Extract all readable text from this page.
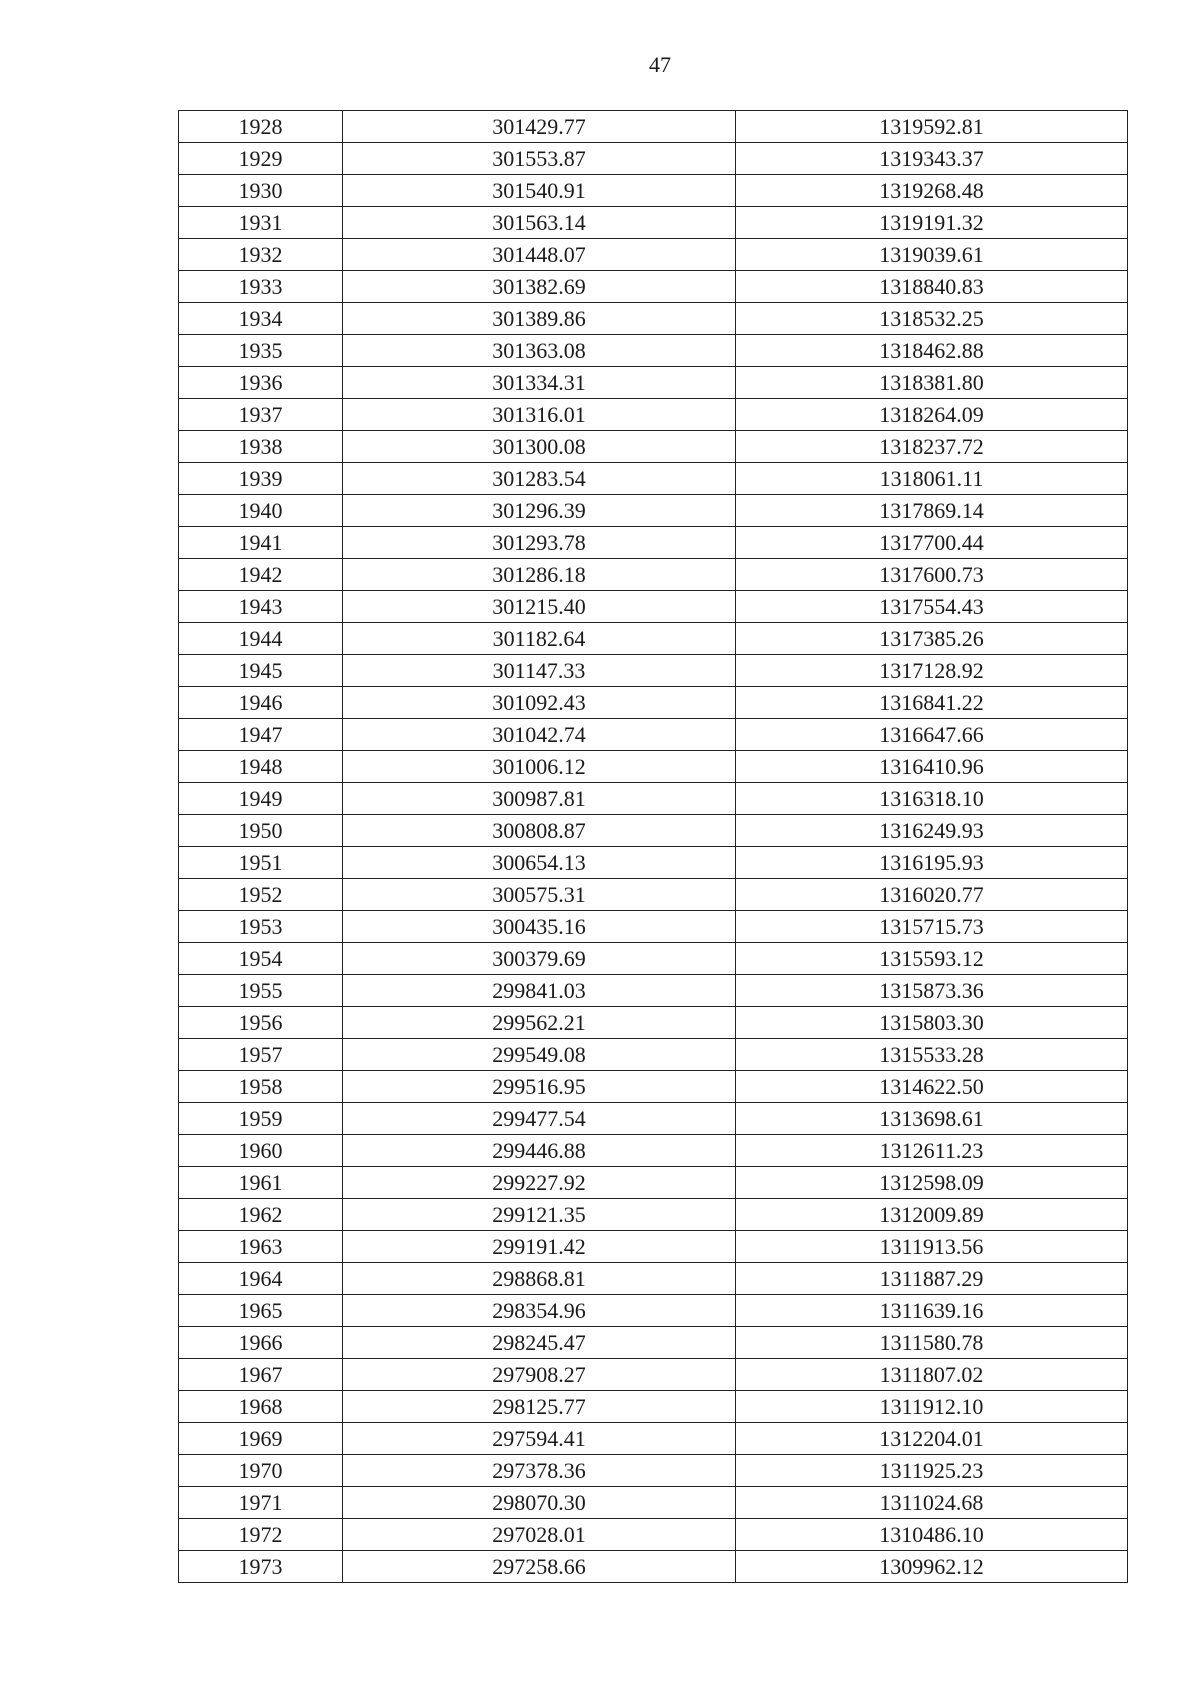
47
1928	301429.77	1319592.81
1929	301553.87	1319343.37
1930	301540.91	1319268.48
1931	301563.14	1319191.32
1932	301448.07	1319039.61
1933	301382.69	1318840.83
1934	301389.86	1318532.25
1935	301363.08	1318462.88
1936	301334.31	1318381.80
1937	301316.01	1318264.09
1938	301300.08	1318237.72
1939	301283.54	1318061.11
1940	301296.39	1317869.14
1941	301293.78	1317700.44
1942	301286.18	1317600.73
1943	301215.40	1317554.43
1944	301182.64	1317385.26
1945	301147.33	1317128.92
1946	301092.43	1316841.22
1947	301042.74	1316647.66
1948	301006.12	1316410.96
1949	300987.81	1316318.10
1950	300808.87	1316249.93
1951	300654.13	1316195.93
1952	300575.31	1316020.77
1953	300435.16	1315715.73
1954	300379.69	1315593.12
1955	299841.03	1315873.36
1956	299562.21	1315803.30
1957	299549.08	1315533.28
1958	299516.95	1314622.50
1959	299477.54	1313698.61
1960	299446.88	1312611.23
1961	299227.92	1312598.09
1962	299121.35	1312009.89
1963	299191.42	1311913.56
1964	298868.81	1311887.29
1965	298354.96	1311639.16
1966	298245.47	1311580.78
1967	297908.27	1311807.02
1968	298125.77	1311912.10
1969	297594.41	1312204.01
1970	297378.36	1311925.23
1971	298070.30	1311024.68
1972	297028.01	1310486.10
1973	297258.66	1309962.12
